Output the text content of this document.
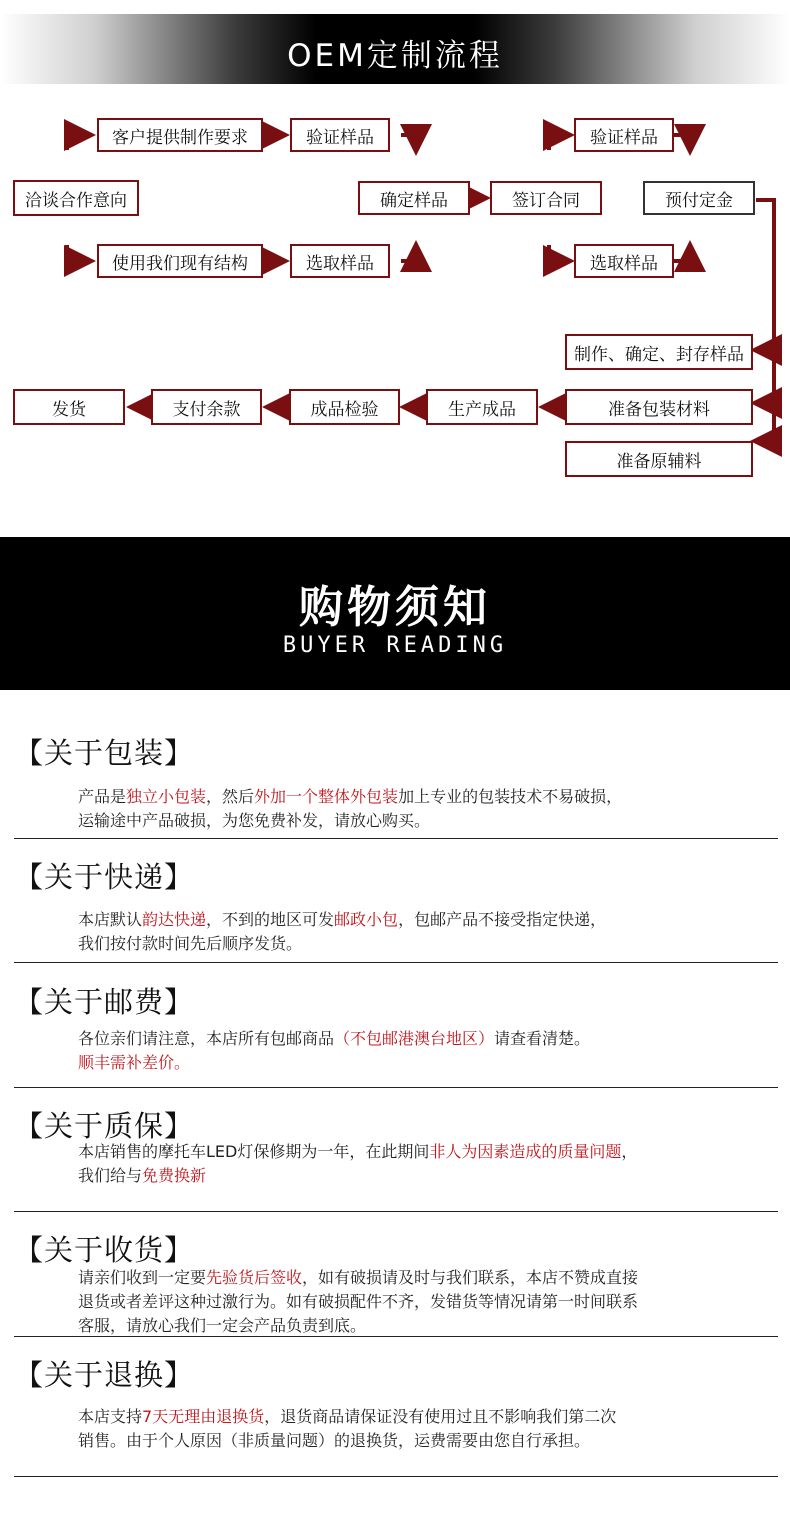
OEM定制流程
洽谈合作意向
客户提供制作要求	验证样品
使用我们现有结构	选取样品
确定样品	签订合同
验证样品
选取样品
预付定金
制作、确定、封存样品
准备包装材料
准备原辅料
生产成品
成品检验
支付余款
发货
购物须知
BUYER READING
【关于包装】
产品是独立小包装，然后外加一个整体外包装加上专业的包装技术不易破损，
运输途中产品破损，为您免费补发，请放心购买。
【关于快递】
本店默认韵达快递，不到的地区可发邮政小包，包邮产品不接受指定快递，
我们按付款时间先后顺序发货。
【关于邮费】
各位亲们请注意，本店所有包邮商品（不包邮港澳台地区）请查看清楚。
顺丰需补差价。
【关于质保】
本店销售的摩托车LED灯保修期为一年，在此期间非人为因素造成的质量问题，
我们给与免费换新
【关于收货】
请亲们收到一定要先验货后签收，如有破损请及时与我们联系，本店不赞成直接
退货或者差评这种过激行为。如有破损配件不齐，发错货等情况请第一时间联系
客服，请放心我们一定会产品负责到底。
【关于退换】
本店支持7天无理由退换货，退货商品请保证没有使用过且不影响我们第二次
销售。由于个人原因（非质量问题）的退换货，运费需要由您自行承担。
